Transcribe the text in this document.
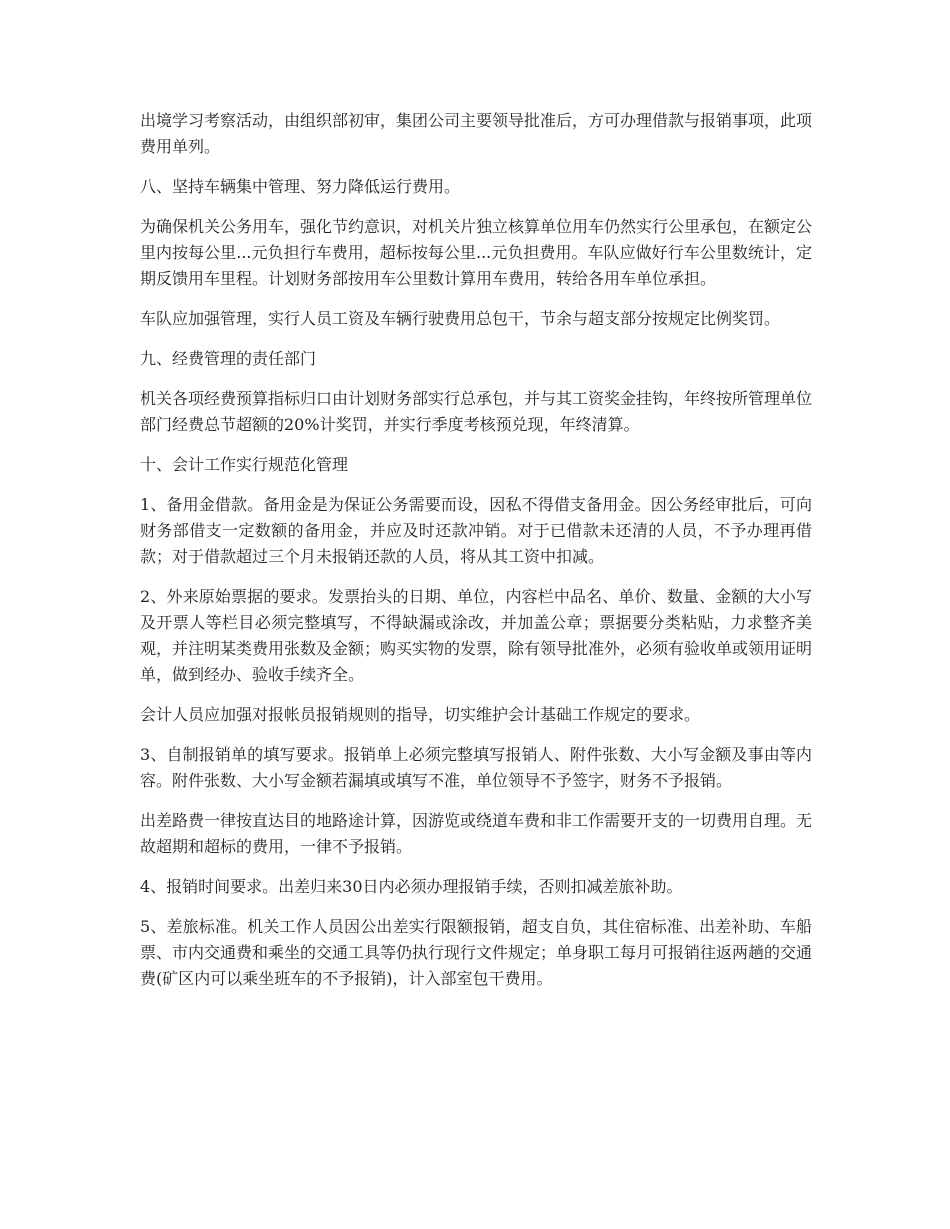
出境学习考察活动，由组织部初审，集团公司主要领导批准后，方可办理借款与报销事项，此项费用单列。

八、坚持车辆集中管理、努力降低运行费用。

为确保机关公务用车，强化节约意识，对机关片独立核算单位用车仍然实行公里承包，在额定公里内按每公里...元负担行车费用，超标按每公里...元负担费用。车队应做好行车公里数统计，定期反馈用车里程。计划财务部按用车公里数计算用车费用，转给各用车单位承担。

车队应加强管理，实行人员工资及车辆行驶费用总包干，节余与超支部分按规定比例奖罚。

九、经费管理的责任部门

机关各项经费预算指标归口由计划财务部实行总承包，并与其工资奖金挂钩，年终按所管理单位部门经费总节超额的20%计奖罚，并实行季度考核预兑现，年终清算。

十、会计工作实行规范化管理

1、备用金借款。备用金是为保证公务需要而设，因私不得借支备用金。因公务经审批后，可向财务部借支一定数额的备用金，并应及时还款冲销。对于已借款未还清的人员，不予办理再借款；对于借款超过三个月未报销还款的人员，将从其工资中扣减。

2、外来原始票据的要求。发票抬头的日期、单位，内容栏中品名、单价、数量、金额的大小写及开票人等栏目必须完整填写，不得缺漏或涂改，并加盖公章；票据要分类粘贴，力求整齐美观，并注明某类费用张数及金额；购买实物的发票，除有领导批准外，必须有验收单或领用证明单，做到经办、验收手续齐全。

会计人员应加强对报帐员报销规则的指导，切实维护会计基础工作规定的要求。

3、自制报销单的填写要求。报销单上必须完整填写报销人、附件张数、大小写金额及事由等内容。附件张数、大小写金额若漏填或填写不准，单位领导不予签字，财务不予报销。

出差路费一律按直达目的地路途计算，因游览或绕道车费和非工作需要开支的一切费用自理。无故超期和超标的费用，一律不予报销。

4、报销时间要求。出差归来30日内必须办理报销手续，否则扣减差旅补助。

5、差旅标准。机关工作人员因公出差实行限额报销，超支自负，其住宿标准、出差补助、车船票、市内交通费和乘坐的交通工具等仍执行现行文件规定；单身职工每月可报销往返两趟的交通费(矿区内可以乘坐班车的不予报销)，计入部室包干费用。
